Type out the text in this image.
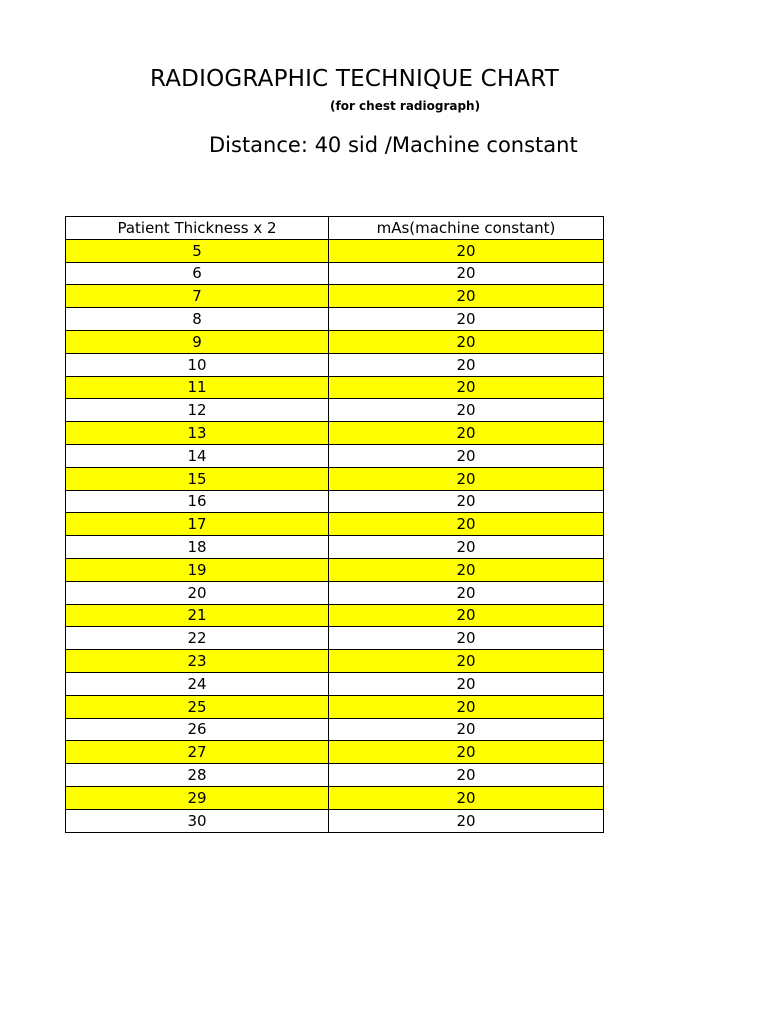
RADIOGRAPHIC TECHNIQUE CHART
(for chest radiograph)
Distance: 40 sid /Machine constant
Patient Thickness x 2	mAs(machine constant)
5	20
6	20
7	20
8	20
9	20
10	20
11	20
12	20
13	20
14	20
15	20
16	20
17	20
18	20
19	20
20	20
21	20
22	20
23	20
24	20
25	20
26	20
27	20
28	20
29	20
30	20
